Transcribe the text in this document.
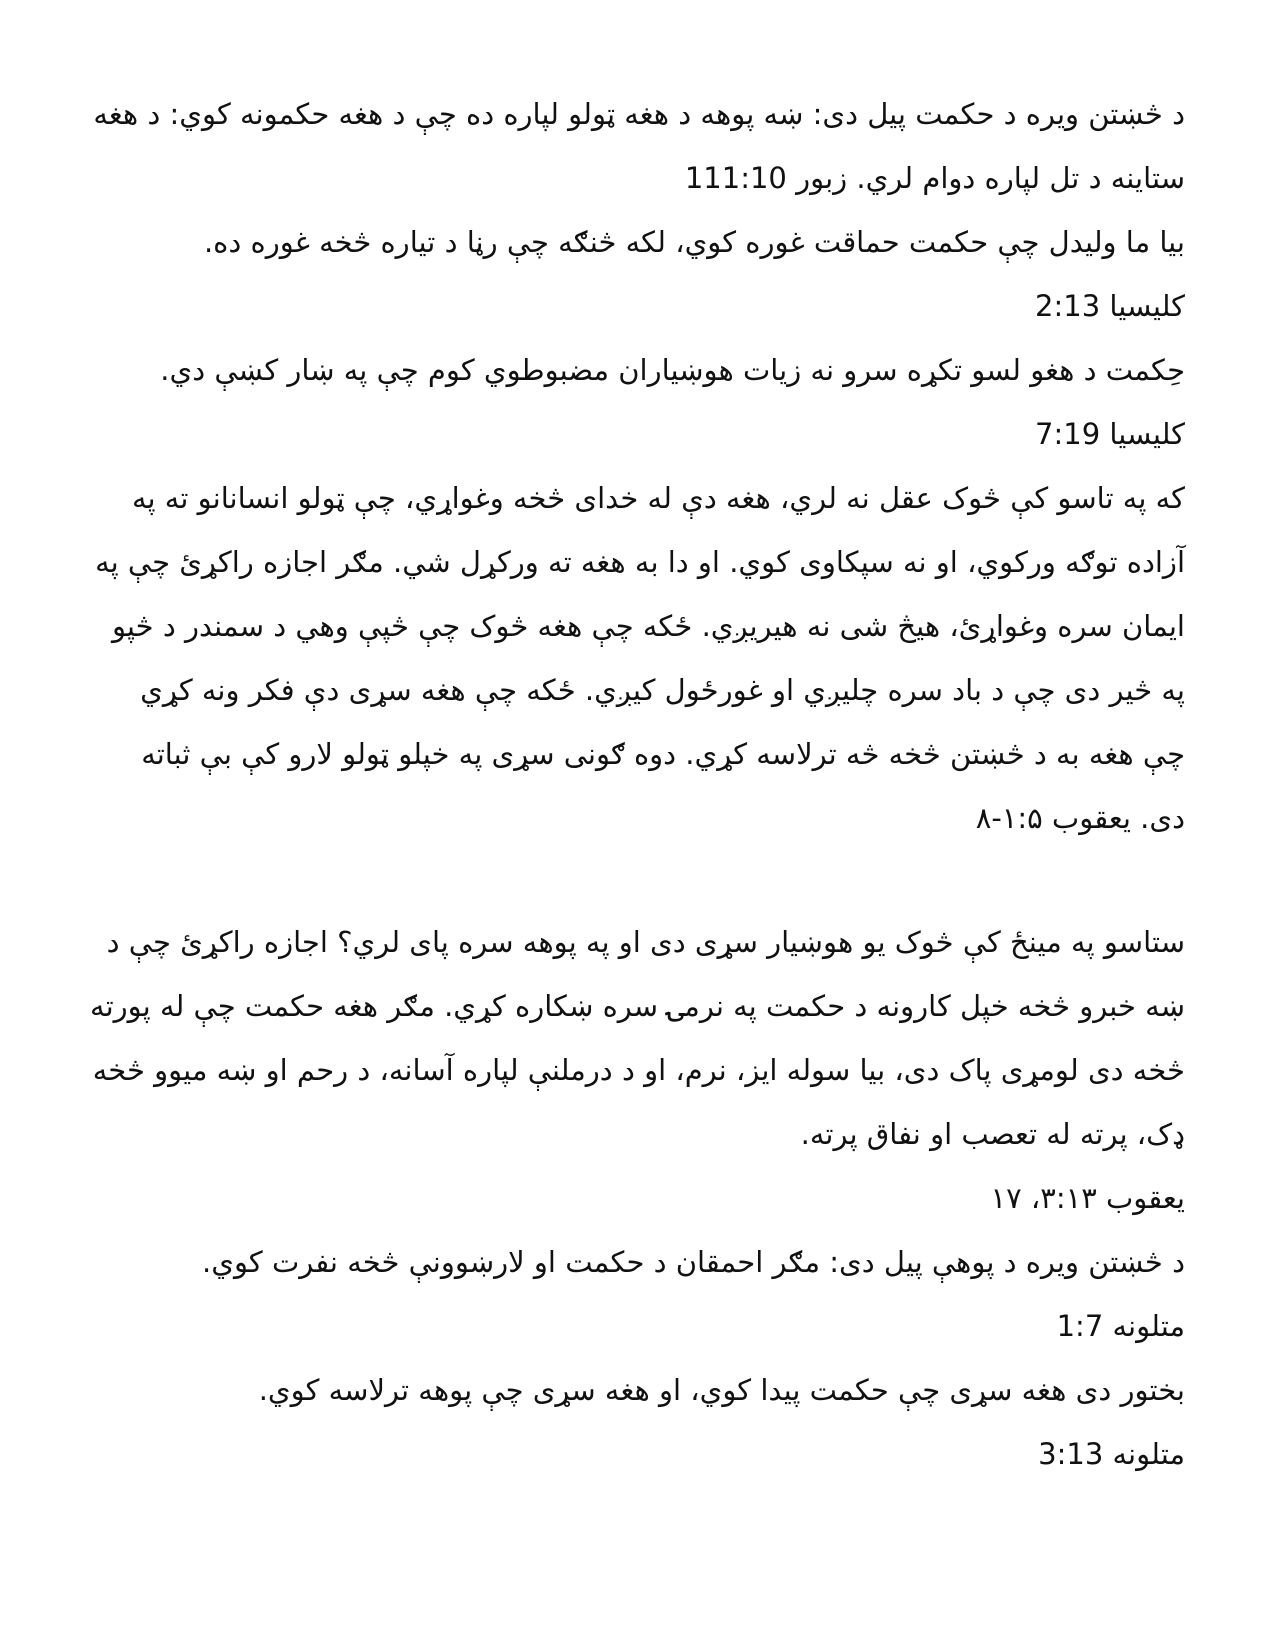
د څښتن ویره د حکمت پیل دی: ښه پوهه د هغه ټولو لپاره ده چې د هغه حکمونه کوي: د هغه ستاینه د تل لپاره دوام لري. زبور 111:10

بیا ما ولیدل چې حکمت حماقت غوره کوي، لکه څنګه چې رڼا د تیاره څخه غوره ده.
کلیسیا 2:13

حِکمت د هغو لسو تکړه سرو نه زيات هوښياران مضبوطوي کوم چې په ښار کښې دي. کلیسیا 7:19

که په تاسو کې څوک عقل نه لري، هغه دې له خدای څخه وغواړي، چې ټولو انسانانو ته په آزاده توګه ورکوي، او نه سپکاوی کوي. او دا به هغه ته ورکړل شي. مګر اجازه راکړئ چې په ایمان سره وغواړئ، هیڅ شی نه هیریږي. ځکه چې هغه څوک چې څپې وهي د سمندر د څپو په څیر دی چې د باد سره چلیږي او غورځول کیږي. ځکه چې هغه سړی دې فکر ونه کړي چې هغه به د څښتن څخه څه ترلاسه کړي. دوه ګونی سړی په خپلو ټولو لارو کې بې ثباته دی. یعقوب ۱:۵-۸

ستاسو په مینځ کې څوک یو هوښیار سړی دی او په پوهه سره پای لري؟ اجازه راکړئ چې د ښه خبرو څخه خپل کارونه د حکمت په نرمۍ سره ښکاره کړي. مګر هغه حکمت چې له پورته څخه دی لومړی پاک دی، بیا سوله ایز، نرم، او د درملنې لپاره آسانه، د رحم او ښه میوو څخه ډک، پرته له تعصب او نفاق پرته.
یعقوب ۳:۱۳، ۱۷

د څښتن ویره د پوهې پیل دی: مګر احمقان د حکمت او لارښوونې څخه نفرت کوي.
متلونه 1:7

بختور دی هغه سړی چې حکمت پیدا کوي، او هغه سړی چې پوهه ترلاسه کوي.
متلونه 3:13
